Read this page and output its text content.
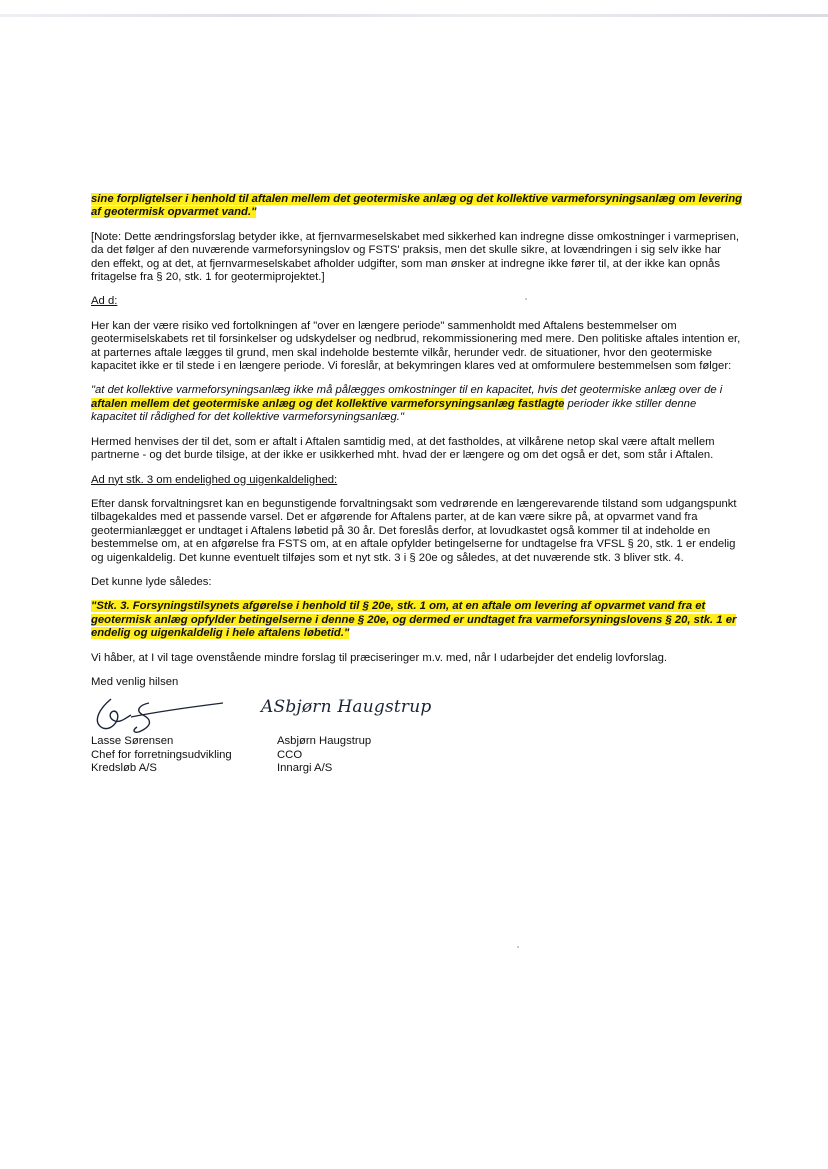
sine forpligtelser i henhold til aftalen mellem det geotermiske anlæg og det kollektive varmeforsyningsanlæg om levering af geotermisk opvarmet vand."

[Note: Dette ændringsforslag betyder ikke, at fjernvarmeselskabet med sikkerhed kan indregne disse omkostninger i varmeprisen, da det følger af den nuværende varmeforsyningslov og FSTS' praksis, men det skulle sikre, at lovændringen i sig selv ikke har den effekt, og at det, at fjernvarmeselskabet afholder udgifter, som man ønsker at indregne ikke fører til, at der ikke kan opnås fritagelse fra § 20, stk. 1 for geotermiprojektet.]

Ad d:

Her kan der være risiko ved fortolkningen af "over en længere periode" sammenholdt med Aftalens bestemmelser om geotermiselskabets ret til forsinkelser og udskydelser og nedbrud, rekommissionering med mere. Den politiske aftales intention er, at parternes aftale lægges til grund, men skal indeholde bestemte vilkår, herunder vedr. de situationer, hvor den geotermiske kapacitet ikke er til stede i en længere periode. Vi foreslår, at bekymringen klares ved at omformulere bestemmelsen som følger:

"at det kollektive varmeforsyningsanlæg ikke må pålægges omkostninger til en kapacitet, hvis det geotermiske anlæg over de i aftalen mellem det geotermiske anlæg og det kollektive varmeforsyningsanlæg fastlagte perioder ikke stiller denne kapacitet til rådighed for det kollektive varmeforsyningsanlæg."

Hermed henvises der til det, som er aftalt i Aftalen samtidig med, at det fastholdes, at vilkårene netop skal være aftalt mellem partnerne - og det burde tilsige, at der ikke er usikkerhed mht. hvad der er længere og om det også er det, som står i Aftalen.

Ad nyt stk. 3 om endelighed og uigenkaldelighed:

Efter dansk forvaltningsret kan en begunstigende forvaltningsakt som vedrørende en længerevarende tilstand som udgangspunkt tilbagekaldes med et passende varsel. Det er afgørende for Aftalens parter, at de kan være sikre på, at opvarmet vand fra geotermianlægget er undtaget i Aftalens løbetid på 30 år. Det foreslås derfor, at lovudkastet også kommer til at indeholde en bestemmelse om, at en afgørelse fra FSTS om, at en aftale opfylder betingelserne for undtagelse fra VFSL § 20, stk. 1 er endelig og uigenkaldelig. Det kunne eventuelt tilføjes som et nyt stk. 3 i § 20e og således, at det nuværende stk. 3 bliver stk. 4.

Det kunne lyde således:

"Stk. 3. Forsyningstilsynets afgørelse i henhold til § 20e, stk. 1 om, at en aftale om levering af opvarmet vand fra et geotermisk anlæg opfylder betingelserne i denne § 20e, og dermed er undtaget fra varmeforsyningslovens § 20, stk. 1 er endelig og uigenkaldelig i hele aftalens løbetid."

Vi håber, at I vil tage ovenstående mindre forslag til præciseringer m.v. med, når I udarbejder det endelig lovforslag.

Med venlig hilsen

ASbjørn Haugstrup
Lasse Sørensen
Chef for forretningsudvikling
Kredsløb A/S
Asbjørn Haugstrup
CCO
Innargi A/S
